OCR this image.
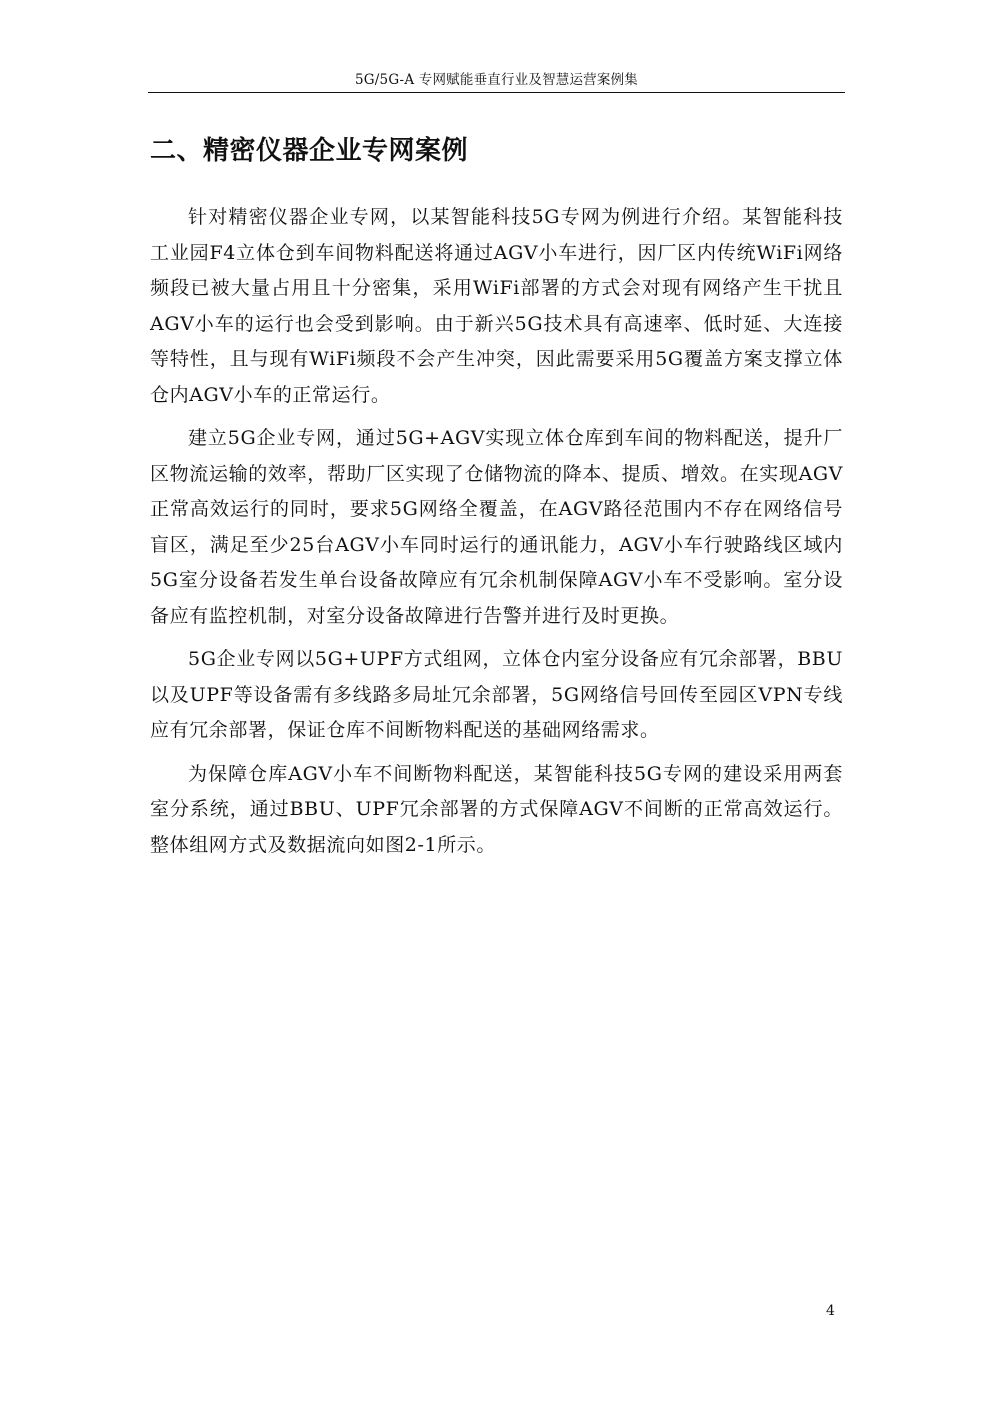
5G/5G-A 专网赋能垂直行业及智慧运营案例集
二、精密仪器企业专网案例

针对精密仪器企业专网，以某智能科技5G专网为例进行介绍。某智能科技工业园F4立体仓到车间物料配送将通过AGV小车进行，因厂区内传统WiFi网络频段已被大量占用且十分密集，采用WiFi部署的方式会对现有网络产生干扰且AGV小车的运行也会受到影响。由于新兴5G技术具有高速率、低时延、大连接等特性，且与现有WiFi频段不会产生冲突，因此需要采用5G覆盖方案支撑立体仓内AGV小车的正常运行。

建立5G企业专网，通过5G+AGV实现立体仓库到车间的物料配送，提升厂区物流运输的效率，帮助厂区实现了仓储物流的降本、提质、增效。在实现AGV正常高效运行的同时，要求5G网络全覆盖，在AGV路径范围内不存在网络信号盲区，满足至少25台AGV小车同时运行的通讯能力，AGV小车行驶路线区域内5G室分设备若发生单台设备故障应有冗余机制保障AGV小车不受影响。室分设备应有监控机制，对室分设备故障进行告警并进行及时更换。

5G企业专网以5G+UPF方式组网，立体仓内室分设备应有冗余部署，BBU以及UPF等设备需有多线路多局址冗余部署，5G网络信号回传至园区VPN专线应有冗余部署，保证仓库不间断物料配送的基础网络需求。

为保障仓库AGV小车不间断物料配送，某智能科技5G专网的建设采用两套室分系统，通过BBU、UPF冗余部署的方式保障AGV不间断的正常高效运行。整体组网方式及数据流向如图2-1所示。

4
